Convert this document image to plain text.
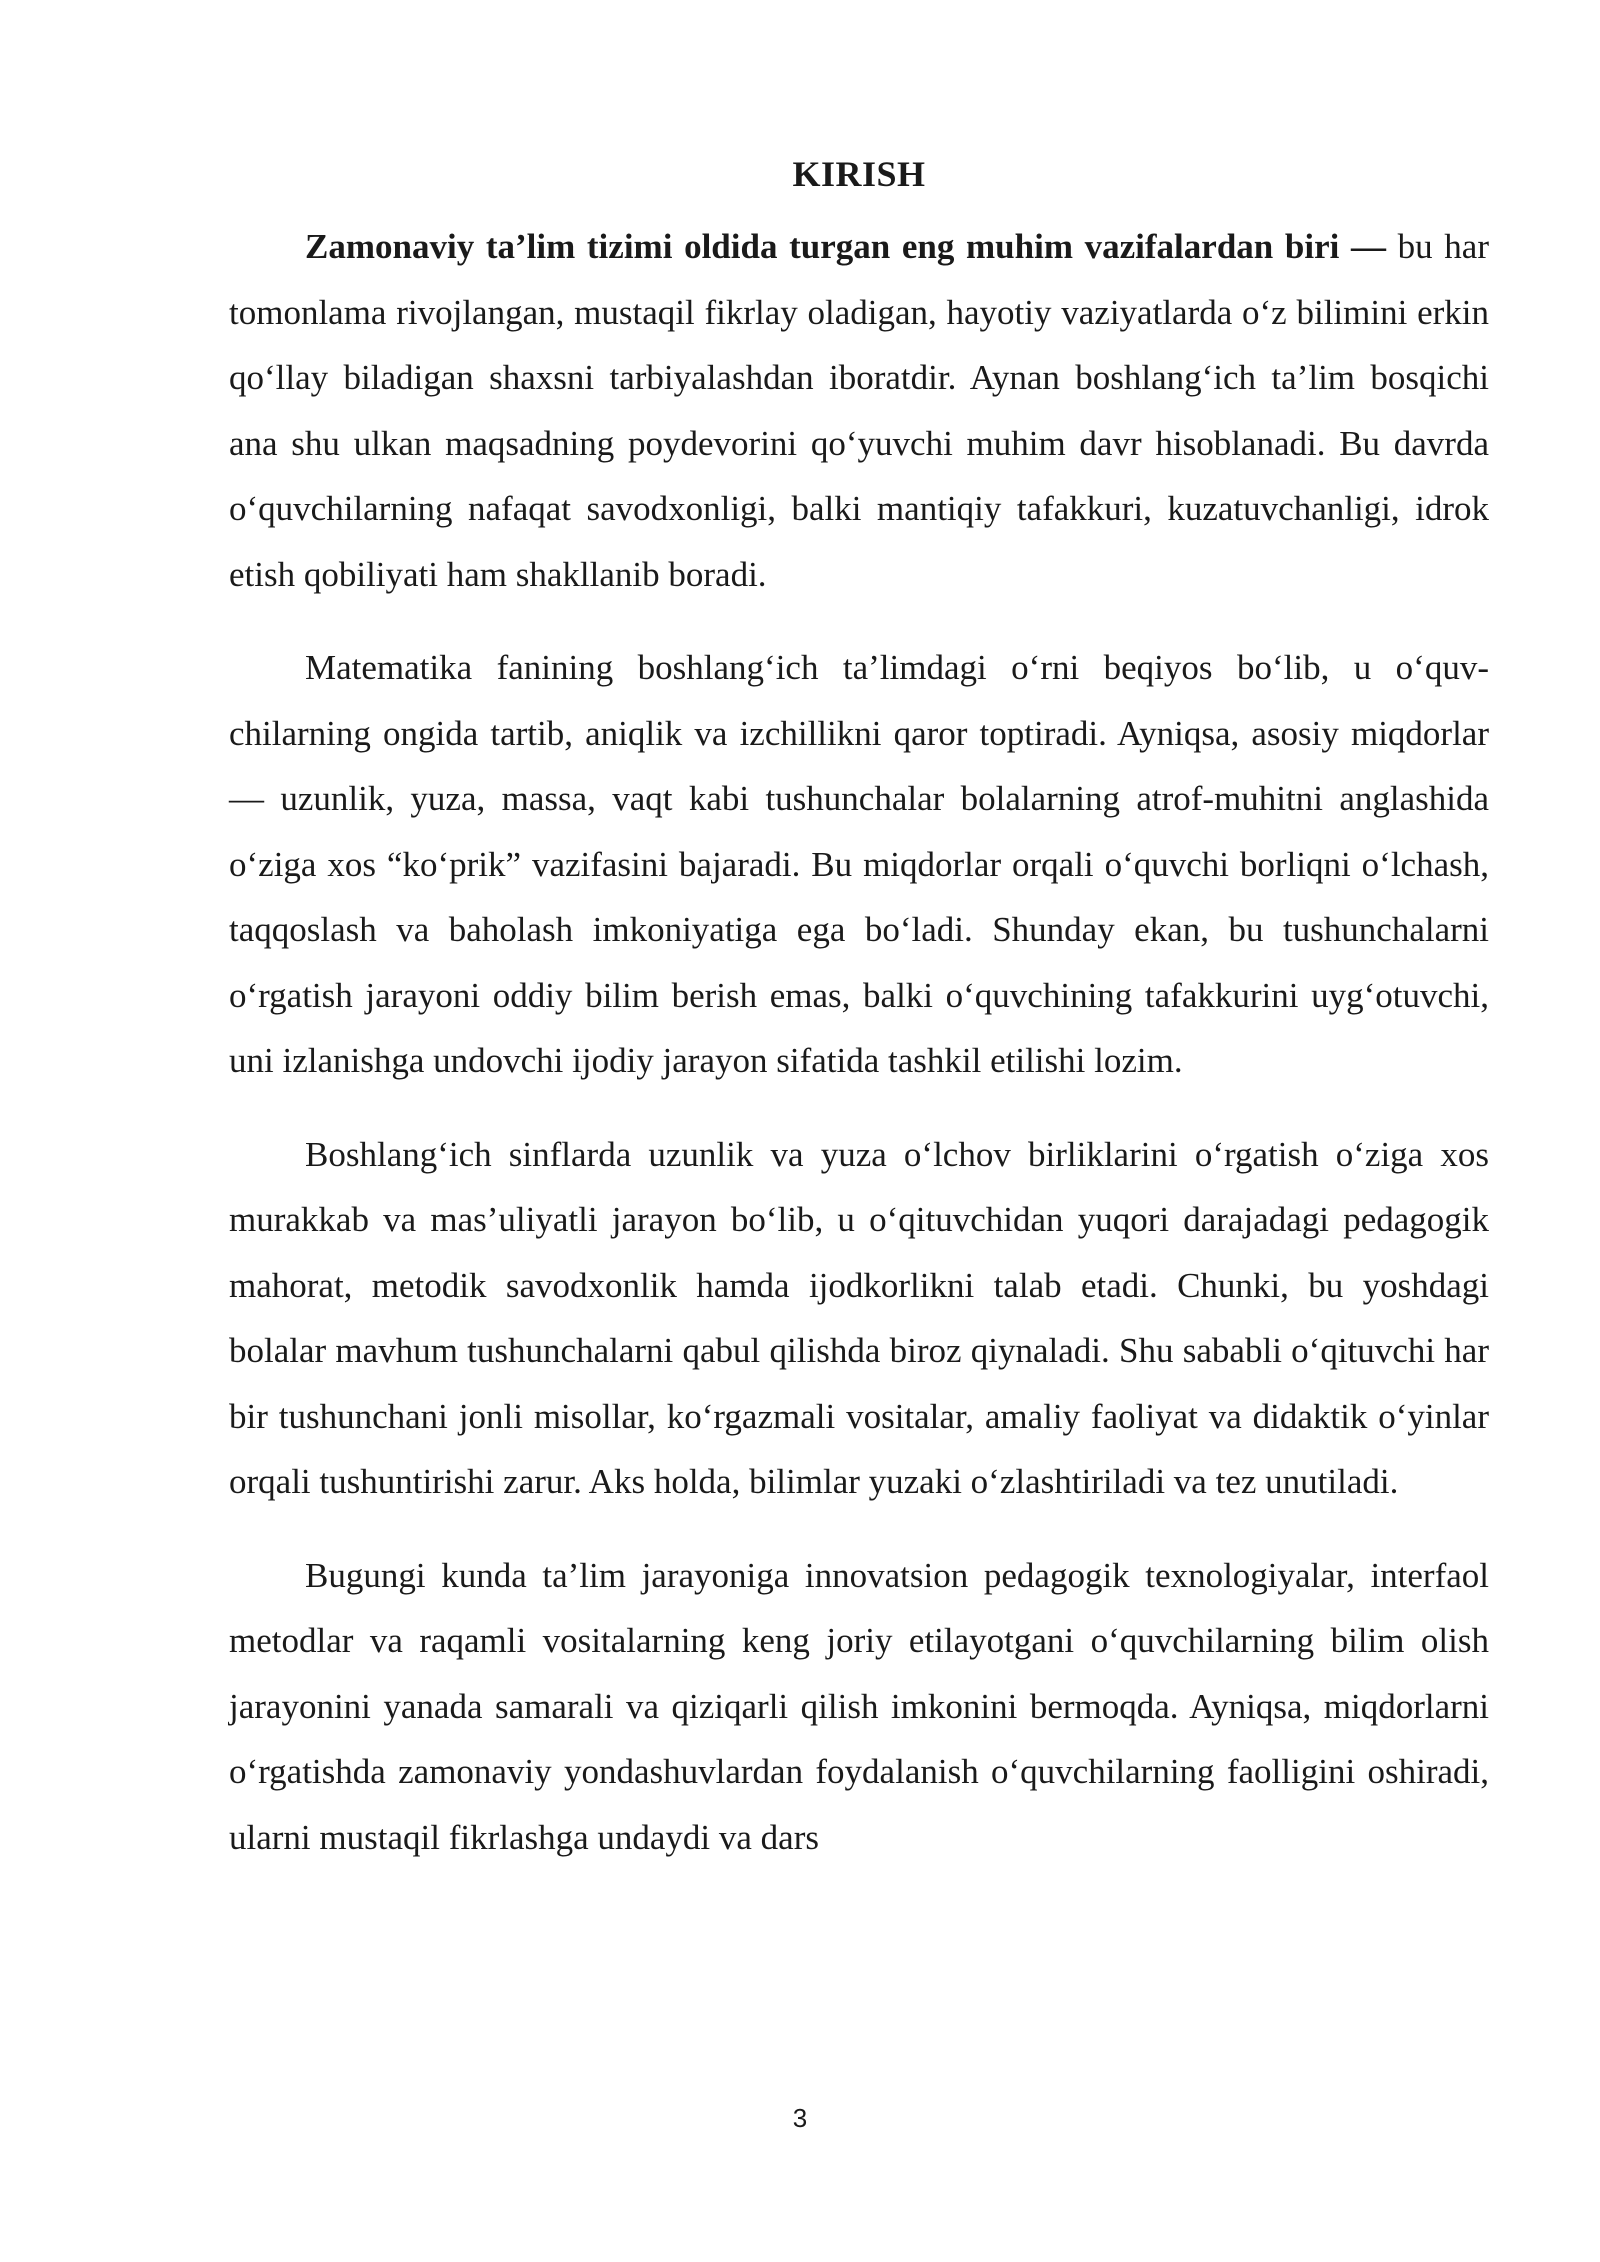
KIRISH

Zamonaviy ta’lim tizimi oldida turgan eng muhim vazifalardan biri — bu har tomonlama rivojlangan, mustaqil fikrlay oladigan, hayotiy vaziyatlarda o‘z bilimini erkin qo‘llay biladigan shaxsni tarbiyalashdan iboratdir. Aynan boshlang‘ich ta’lim bosqichi ana shu ulkan maqsadning poydevorini qo‘yuvchi muhim davr hisoblanadi. Bu davrda o‘quvchilarning nafaqat savodxonligi, balki mantiqiy tafakkuri, kuzatuvchanligi, idrok etish qobiliyati ham shakllanib boradi.

Matematika fanining boshlang‘ich ta’limdagi o‘rni beqiyos bo‘lib, u o‘quvchilarning ongida tartib, aniqlik va izchillikni qaror toptiradi. Ayniqsa, asosiy miqdorlar — uzunlik, yuza, massa, vaqt kabi tushunchalar bolalarning atrof-muhitni anglashida o‘ziga xos “ko‘prik” vazifasini bajaradi. Bu miqdorlar orqali o‘quvchi borliqni o‘lchash, taqqoslash va baholash imkoniyatiga ega bo‘ladi. Shunday ekan, bu tushunchalarni o‘rgatish jarayoni oddiy bilim berish emas, balki o‘quvchining tafakkurini uyg‘otuvchi, uni izlanishga undovchi ijodiy jarayon sifatida tashkil etilishi lozim.

Boshlang‘ich sinflarda uzunlik va yuza o‘lchov birliklarini o‘rgatish o‘ziga xos murakkab va mas’uliyatli jarayon bo‘lib, u o‘qituvchidan yuqori darajadagi pedagogik mahorat, metodik savodxonlik hamda ijodkorlikni talab etadi. Chunki, bu yoshdagi bolalar mavhum tushunchalarni qabul qilishda biroz qiynaladi. Shu sababli o‘qituvchi har bir tushunchani jonli misollar, ko‘rgazmali vositalar, amaliy faoliyat va didaktik o‘yinlar orqali tushuntirishi zarur. Aks holda, bilimlar yuzaki o‘zlashtiriladi va tez unutiladi.

Bugungi kunda ta’lim jarayoniga innovatsion pedagogik texnologiyalar, interfaol metodlar va raqamli vositalarning keng joriy etilayotgani o‘quvchilarning bilim olish jarayonini yanada samarali va qiziqarli qilish imkonini bermoqda. Ayniqsa, miqdorlarni o‘rgatishda zamonaviy yondashuvlardan foydalanish o‘quvchilarning faolligini oshiradi, ularni mustaqil fikrlashga undaydi va dars

3
